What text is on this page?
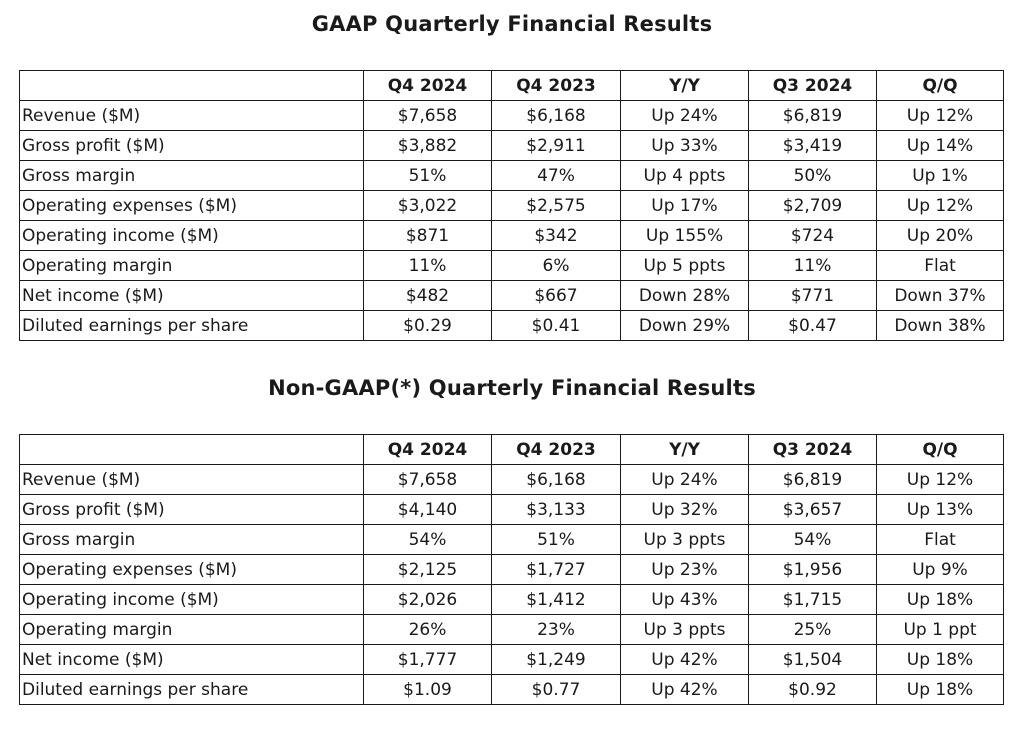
GAAP Quarterly Financial Results
	Q4 2024	Q4 2023	Y/Y	Q3 2024	Q/Q
Revenue ($M)	$7,658	$6,168	Up 24%	$6,819	Up 12%
Gross profit ($M)	$3,882	$2,911	Up 33%	$3,419	Up 14%
Gross margin	51%	47%	Up 4 ppts	50%	Up 1%
Operating expenses ($M)	$3,022	$2,575	Up 17%	$2,709	Up 12%
Operating income ($M)	$871	$342	Up 155%	$724	Up 20%
Operating margin	11%	6%	Up 5 ppts	11%	Flat
Net income ($M)	$482	$667	Down 28%	$771	Down 37%
Diluted earnings per share	$0.29	$0.41	Down 29%	$0.47	Down 38%
Non-GAAP(*) Quarterly Financial Results
	Q4 2024	Q4 2023	Y/Y	Q3 2024	Q/Q
Revenue ($M)	$7,658	$6,168	Up 24%	$6,819	Up 12%
Gross profit ($M)	$4,140	$3,133	Up 32%	$3,657	Up 13%
Gross margin	54%	51%	Up 3 ppts	54%	Flat
Operating expenses ($M)	$2,125	$1,727	Up 23%	$1,956	Up 9%
Operating income ($M)	$2,026	$1,412	Up 43%	$1,715	Up 18%
Operating margin	26%	23%	Up 3 ppts	25%	Up 1 ppt
Net income ($M)	$1,777	$1,249	Up 42%	$1,504	Up 18%
Diluted earnings per share	$1.09	$0.77	Up 42%	$0.92	Up 18%
